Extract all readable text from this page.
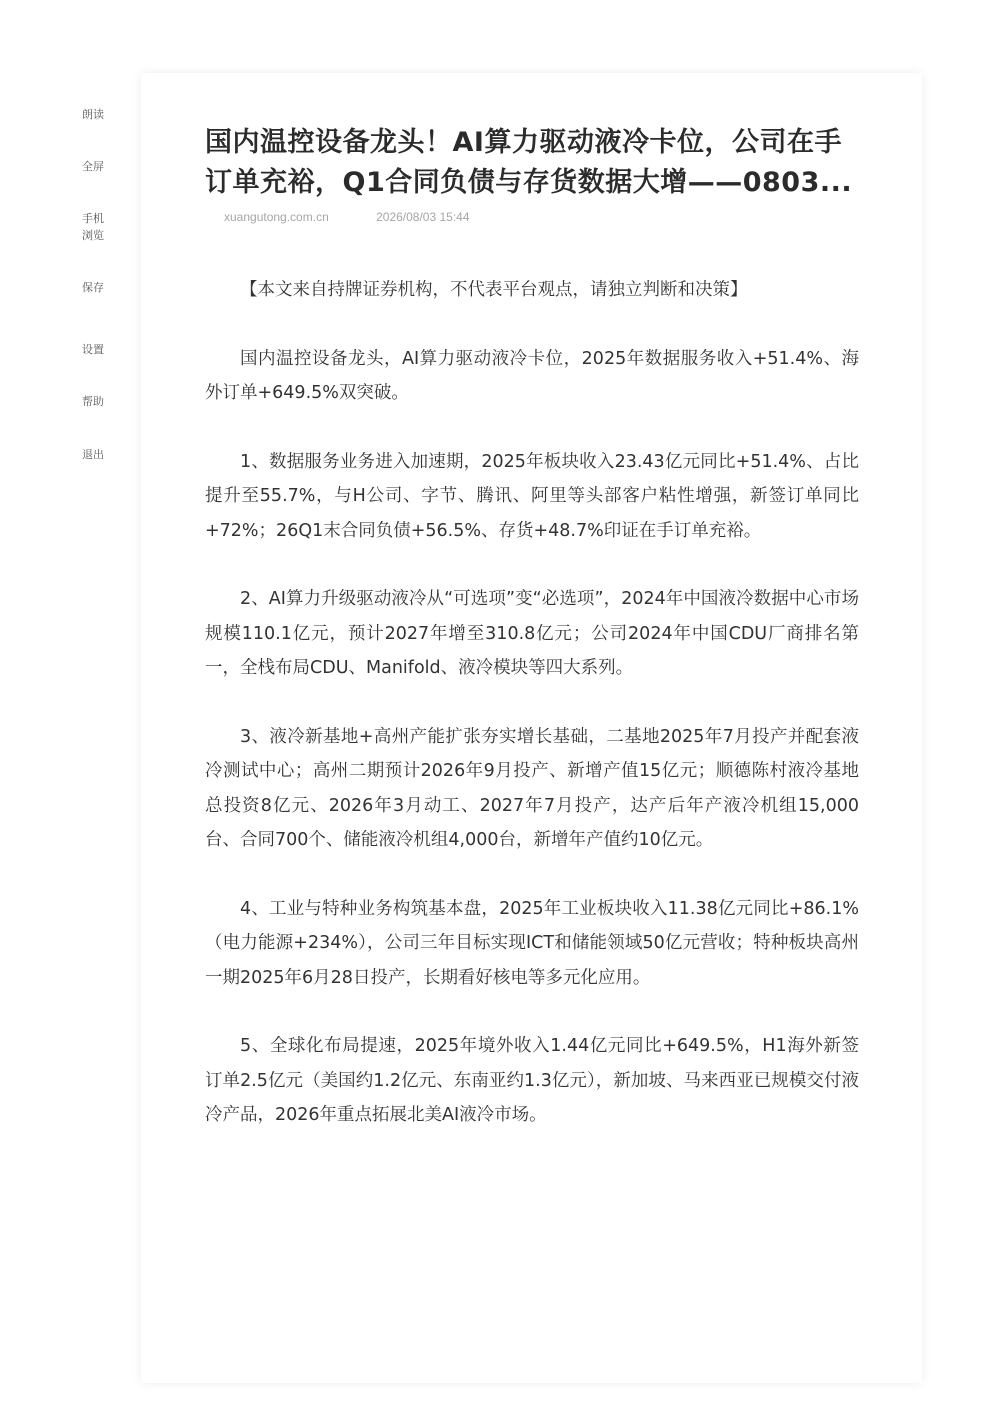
朗读
全屏
手机
浏览
保存
设置
帮助
退出
国内温控设备龙头！AI算力驱动液冷卡位，公司在手订单充裕，Q1合同负债与存货数据大增——0803...
xuangutong.com.cn	2026/08/03 15:44

【本文来自持牌证券机构，不代表平台观点，请独立判断和决策】

国内温控设备龙头，AI算力驱动液冷卡位，2025年数据服务收入+51.4%、海外订单+649.5%双突破。

1、数据服务业务进入加速期，2025年板块收入23.43亿元同比+51.4%、占比提升至55.7%，与H公司、字节、腾讯、阿里等头部客户粘性增强，新签订单同比+72%；26Q1末合同负债+56.5%、存货+48.7%印证在手订单充裕。

2、AI算力升级驱动液冷从“可选项”变“必选项”，2024年中国液冷数据中心市场规模110.1亿元，预计2027年增至310.8亿元；公司2024年中国CDU厂商排名第一，全栈布局CDU、Manifold、液冷模块等四大系列。

3、液冷新基地+高州产能扩张夯实增长基础，二基地2025年7月投产并配套液冷测试中心；高州二期预计2026年9月投产、新增产值15亿元；顺德陈村液冷基地总投资8亿元、2026年3月动工、2027年7月投产，达产后年产液冷机组15,000台、合同700个、储能液冷机组4,000台，新增年产值约10亿元。

4、工业与特种业务构筑基本盘，2025年工业板块收入11.38亿元同比+86.1%（电力能源+234%），公司三年目标实现ICT和储能领域50亿元营收；特种板块高州一期2025年6月28日投产，长期看好核电等多元化应用。

5、全球化布局提速，2025年境外收入1.44亿元同比+649.5%，H1海外新签订单2.5亿元（美国约1.2亿元、东南亚约1.3亿元），新加坡、马来西亚已规模交付液冷产品，2026年重点拓展北美AI液冷市场。
